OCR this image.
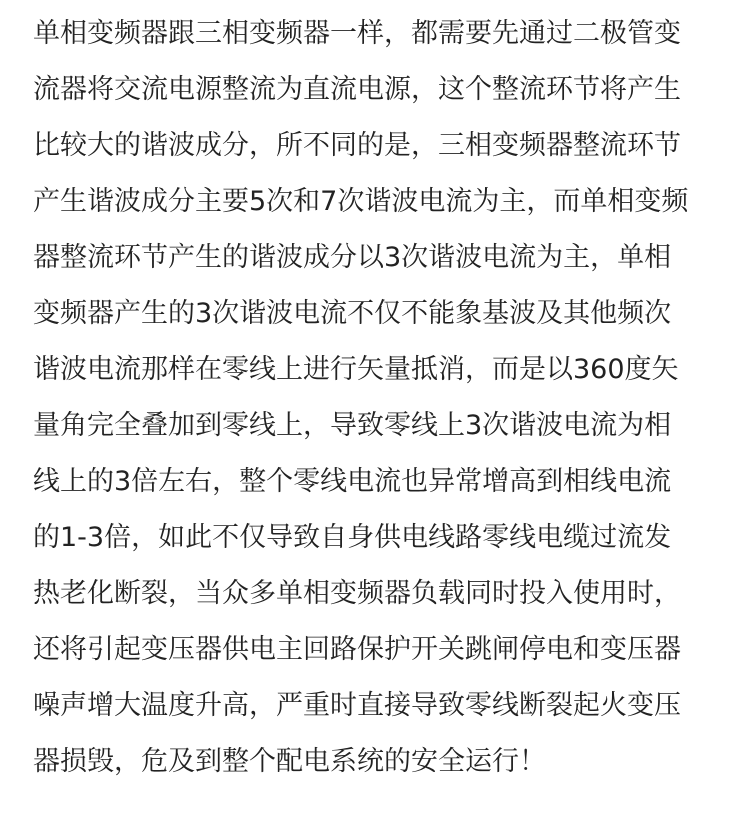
单相变频器跟三相变频器一样，都需要先通过二极管变
流器将交流电源整流为直流电源，这个整流环节将产生
比较大的谐波成分，所不同的是，三相变频器整流环节
产生谐波成分主要5次和7次谐波电流为主，而单相变频
器整流环节产生的谐波成分以3次谐波电流为主，单相
变频器产生的3次谐波电流不仅不能象基波及其他频次
谐波电流那样在零线上进行矢量抵消，而是以360度矢
量角完全叠加到零线上，导致零线上3次谐波电流为相
线上的3倍左右，整个零线电流也异常增高到相线电流
的1-3倍，如此不仅导致自身供电线路零线电缆过流发
热老化断裂，当众多单相变频器负载同时投入使用时，
还将引起变压器供电主回路保护开关跳闸停电和变压器
噪声增大温度升高，严重时直接导致零线断裂起火变压
器损毁，危及到整个配电系统的安全运行！
